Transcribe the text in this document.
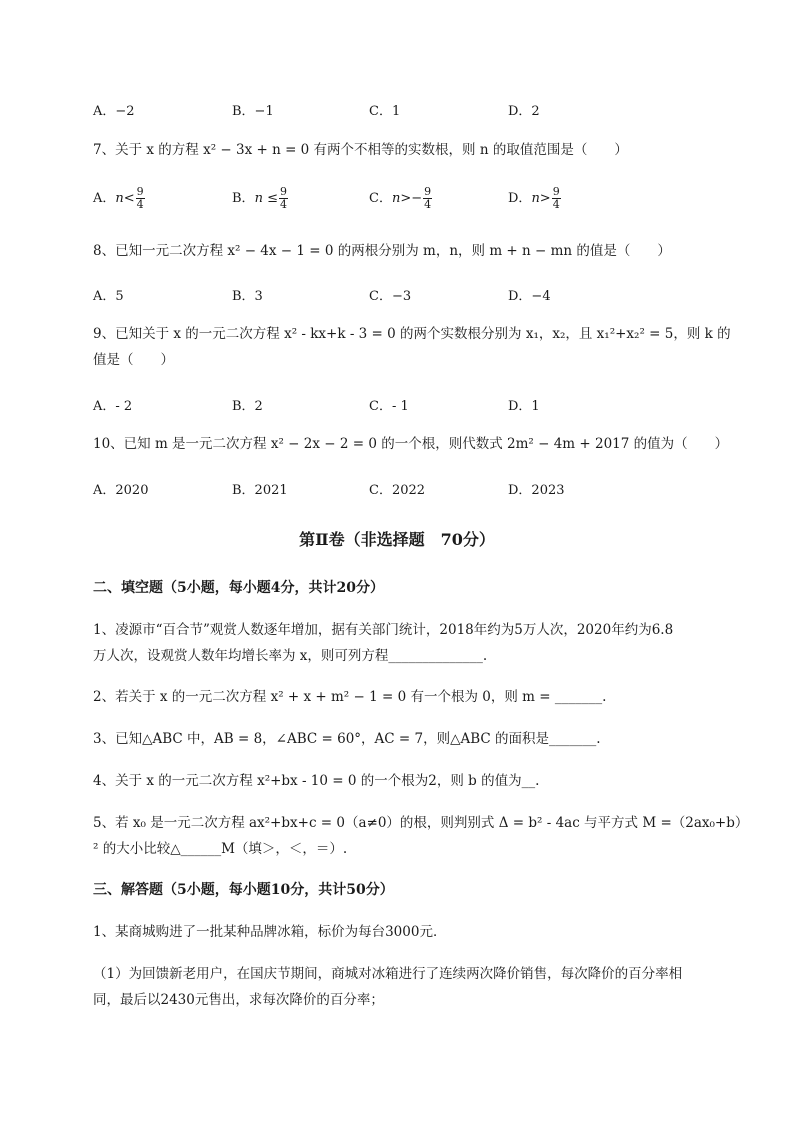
A．−2	B．−1	C．1	D．2
7、关于 x 的方程 x² − 3x + n = 0 有两个不相等的实数根，则 n 的取值范围是（　　）
A．$n< \frac{9}{4}$	B．$n \le \frac{9}{4}$	C．$n>- \frac{9}{4}$	D．$n> \frac{9}{4}$
8、已知一元二次方程 x² − 4x − 1 = 0 的两根分别为 m，n，则 m + n − mn 的值是（　　）
A．5	B．3	C．−3	D．−4
9、已知关于 x 的一元二次方程 x² - kx+k - 3 = 0 的两个实数根分别为 x₁，x₂，且 x₁²+x₂² = 5，则 k 的
值是（　　）
A．- 2	B．2	C．- 1	D．1
10、已知 m 是一元二次方程 x² − 2x − 2 = 0 的一个根，则代数式 2m² − 4m + 2017 的值为（　　）
A．2020	B．2021	C．2022	D．2023
第Ⅱ卷（非选择题　70分）
二、填空题（5小题，每小题4分，共计20分）
1、凌源市“百合节”观赏人数逐年增加，据有关部门统计，2018年约为5万人次，2020年约为6.8
万人次，设观赏人数年均增长率为 x，则可列方程______________.
2、若关于 x 的一元二次方程 x² + x + m² − 1 = 0 有一个根为 0，则 m = _______.
3、已知△ABC 中，AB = 8，∠ABC = 60°，AC = 7，则△ABC 的面积是_______.
4、关于 x 的一元二次方程 x²+bx - 10 = 0 的一个根为2，则 b 的值为__.
5、若 x₀ 是一元二次方程 ax²+bx+c = 0（a≠0）的根，则判别式 Δ = b² - 4ac 与平方式 M =（2ax₀+b）
² 的大小比较△______M（填＞，＜，＝）.
三、解答题（5小题，每小题10分，共计50分）
1、某商城购进了一批某种品牌冰箱，标价为每台3000元．
（1）为回馈新老用户，在国庆节期间，商城对冰箱进行了连续两次降价销售，每次降价的百分率相
同，最后以2430元售出，求每次降价的百分率；
